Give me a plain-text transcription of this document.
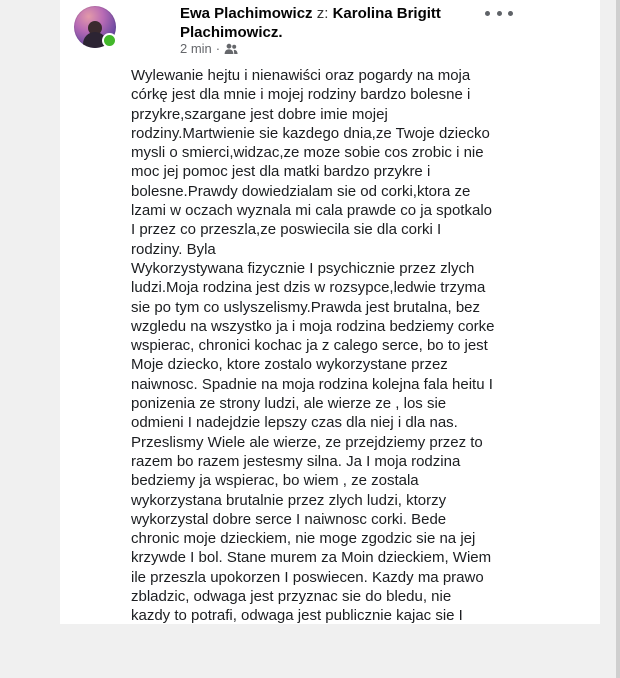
Ewa Plachimowicz z: Karolina Brigitt Plachimowicz.
2 min ·
Wylewanie hejtu i nienawiści oraz pogardy na moja
córkę jest dla mnie i mojej rodziny bardzo bolesne i
przykre,szargane jest dobre imie mojej
rodziny.Martwienie sie kazdego dnia,ze Twoje dziecko
mysli o smierci,widzac,ze moze sobie cos zrobic i nie
moc jej pomoc jest dla matki bardzo przykre i
bolesne.Prawdy dowiedzialam sie od corki,ktora ze
lzami w oczach wyznala mi cala prawde co ja spotkalo
I przez co przeszla,ze poswiecila sie dla corki I
rodziny. Byla
Wykorzystywana fizycznie I psychicznie przez zlych
ludzi.Moja rodzina jest dzis w rozsypce,ledwie trzyma
sie po tym co uslyszelismy.Prawda jest brutalna, bez
wzgledu na wszystko ja i moja rodzina bedziemy corke
wspierac, chronici kochac ja z calego serce, bo to jest
Moje dziecko, ktore zostalo wykorzystane przez
naiwnosc. Spadnie na moja rodzina kolejna fala heitu I
ponizenia ze strony ludzi, ale wierze ze , los sie
odmieni I nadejdzie lepszy czas dla niej i dla nas.
Przeslismy Wiele ale wierze, ze przejdziemy przez to
razem bo razem jestesmy silna. Ja I moja rodzina
bedziemy ja wspierac, bo wiem , ze zostala
wykorzystana brutalnie przez zlych ludzi, ktorzy
wykorzystal dobre serce I naiwnosc corki. Bede
chronic moje dzieckiem, nie moge zgodzic sie na jej
krzywde I bol. Stane murem za Moin dzieckiem, Wiem
ile przeszla upokorzen I poswiecen. Kazdy ma prawo
zbladzic, odwaga jest przyznac sie do bledu, nie
kazdy to potrafi, odwaga jest publicznie kajac sie I
